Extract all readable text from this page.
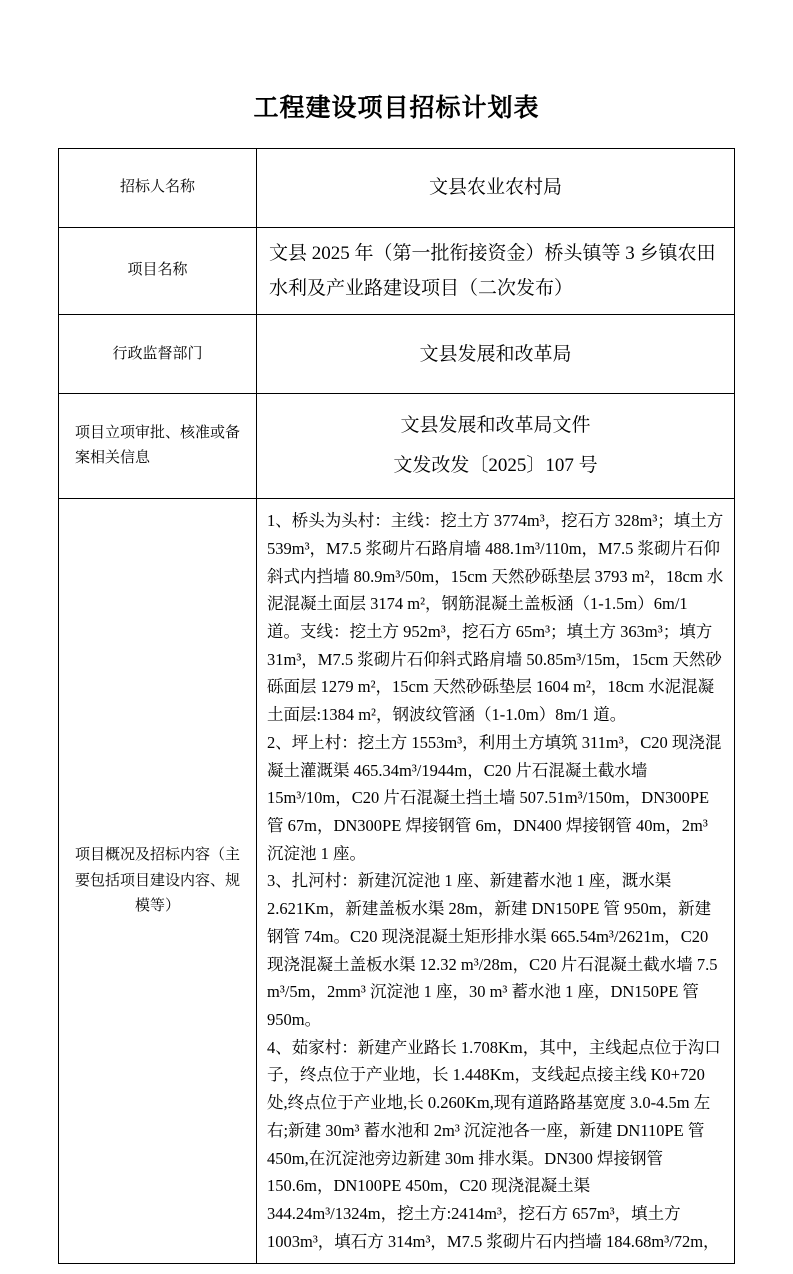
工程建设项目招标计划表
招标人名称	文县农业农村局
项目名称	文县 2025 年（第一批衔接资金）桥头镇等 3 乡镇农田水利及产业路建设项目（二次发布）
行政监督部门	文县发展和改革局
项目立项审批、核准或备案相关信息	文县发展和改革局文件
文发改发〔2025〕107 号

项目概况及招标内容（主要包括项目建设内容、规模等）	1、桥头为头村：主线：挖土方 3774m³，挖石方 328m³；填土方 539m³，M7.5 浆砌片石路肩墙 488.1m³/110m，M7.5 浆砌片石仰斜式内挡墙 80.9m³/50m，15cm 天然砂砾垫层 3793 m²，18cm 水泥混凝土面层 3174 m²，钢筋混凝土盖板涵（1-1.5m）6m/1 道。支线：挖土方 952m³，挖石方 65m³；填土方 363m³；填方 31m³，M7.5 浆砌片石仰斜式路肩墙 50.85m³/15m，15cm 天然砂砾面层 1279 m²，15cm 天然砂砾垫层 1604 m²，18cm 水泥混凝土面层:1384 m²，钢波纹管涵（1-1.0m）8m/1 道。

2、坪上村：挖土方 1553m³，利用土方填筑 311m³，C20 现浇混凝土灌溉渠 465.34m³/1944m，C20 片石混凝土截水墙 15m³/10m，C20 片石混凝土挡土墙 507.51m³/150m，DN300PE 管 67m，DN300PE 焊接钢管 6m，DN400 焊接钢管 40m，2m³ 沉淀池 1 座。

3、扎河村：新建沉淀池 1 座、新建蓄水池 1 座，溉水渠 2.621Km，新建盖板水渠 28m，新建 DN150PE 管 950m，新建钢管 74m。C20 现浇混凝土矩形排水渠 665.54m³/2621m，C20 现浇混凝土盖板水渠 12.32 m³/28m，C20 片石混凝土截水墙 7.5 m³/5m，2mm³ 沉淀池 1 座，30 m³ 蓄水池 1 座，DN150PE 管 950m。

4、茹家村：新建产业路长 1.708Km，其中，主线起点位于沟口子，终点位于产业地，长 1.448Km，支线起点接主线 K0+720 处,终点位于产业地,长 0.260Km,现有道路路基宽度 3.0-4.5m 左右;新建 30m³ 蓄水池和 2m³ 沉淀池各一座，新建 DN110PE 管 450m,在沉淀池旁边新建 30m 排水渠。DN300 焊接钢管 150.6m，DN100PE 450m，C20 现浇混凝土渠 344.24m³/1324m，挖土方:2414m³，挖石方 657m³，填土方 1003m³，填石方 314m³，M7.5 浆砌片石内挡墙 184.68m³/72m，
